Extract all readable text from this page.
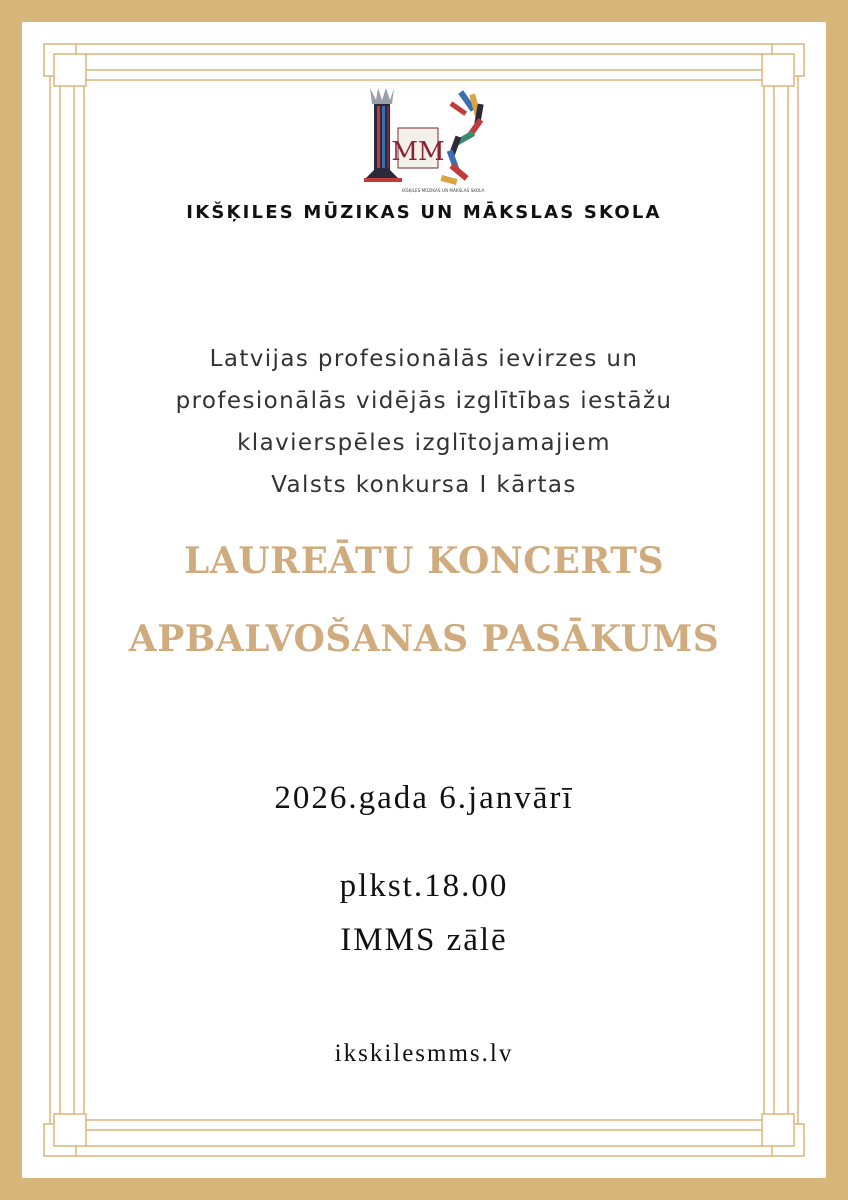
MM
IKŠĶILES MŪZIKAS UN MĀKSLAS SKOLA
IKŠĶILES MŪZIKAS UN MĀKSLAS SKOLA
Latvijas profesionālās ievirzes un
profesionālās vidējās izglītības iestāžu
klavierspēles izglītojamajiem
Valsts konkursa I kārtas
LAUREĀTU KONCERTS
APBALVOŠANAS PASĀKUMS
2026.gada 6.janvārī
plkst.18.00
IMMS zālē
ikskilesmms.lv
